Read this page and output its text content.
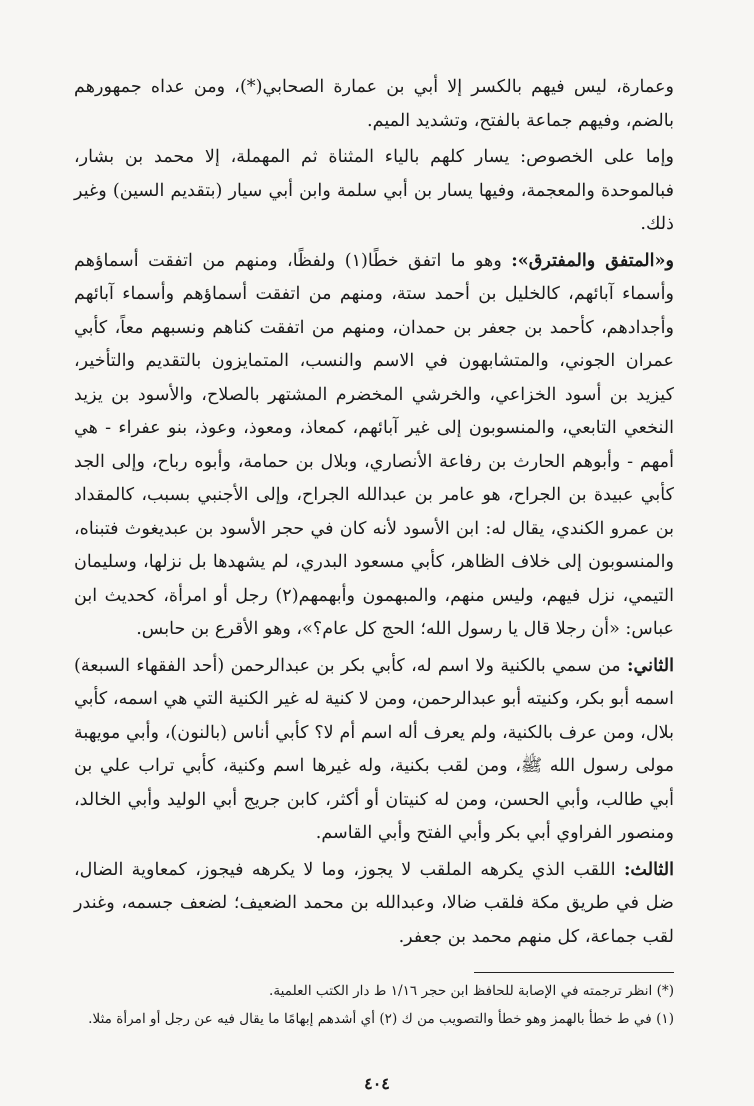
وعمارة، ليس فيهم بالكسر إلا أبي بن عمارة الصحابي(*)، ومن عداه جمهورهم بالضم، وفيهم جماعة بالفتح، وتشديد الميم.

وإما على الخصوص: يسار كلهم بالياء المثناة ثم المهملة، إلا محمد بن بشار، فبالموحدة والمعجمة، وفيها يسار بن أبي سلمة وابن أبي سيار (بتقديم السين) وغير ذلك.

و«المتفق والمفترق»: وهو ما اتفق خطًا(١) ولفظًا، ومنهم من اتفقت أسماؤهم وأسماء آبائهم، كالخليل بن أحمد ستة، ومنهم من اتفقت أسماؤهم وأسماء آبائهم وأجدادهم، كأحمد بن جعفر بن حمدان، ومنهم من اتفقت كناهم ونسبهم معاً، كأبي عمران الجوني، والمتشابهون في الاسم والنسب، المتمايزون بالتقديم والتأخير، كيزيد بن أسود الخزاعي، والخرشي المخضرم المشتهر بالصلاح، والأسود بن يزيد النخعي التابعي، والمنسوبون إلى غير آبائهم، كمعاذ، ومعوذ، وعوذ، بنو عفراء - هي أمهم - وأبوهم الحارث بن رفاعة الأنصاري، وبلال بن حمامة، وأبوه رباح، وإلى الجد كأبي عبيدة بن الجراح، هو عامر بن عبدالله الجراح، وإلى الأجنبي بسبب، كالمقداد بن عمرو الكندي، يقال له: ابن الأسود لأنه كان في حجر الأسود بن عبديغوث فتبناه، والمنسوبون إلى خلاف الظاهر، كأبي مسعود البدري، لم يشهدها بل نزلها، وسليمان التيمي، نزل فيهم، وليس منهم، والمبهمون وأبهمهم(٢) رجل أو امرأة، كحديث ابن عباس: «أن رجلا قال يا رسول الله؛ الحج كل عام؟»، وهو الأقرع بن حابس.

الثاني: من سمي بالكنية ولا اسم له، كأبي بكر بن عبدالرحمن (أحد الفقهاء السبعة) اسمه أبو بكر، وكنيته أبو عبدالرحمن، ومن لا كنية له غير الكنية التي هي اسمه، كأبي بلال، ومن عرف بالكنية، ولم يعرف أله اسم أم لا؟ كأبي أناس (بالنون)، وأبي مويهبة مولى رسول الله ﷺ، ومن لقب بكنية، وله غيرها اسم وكنية، كأبي تراب علي بن أبي طالب، وأبي الحسن، ومن له كنيتان أو أكثر، كابن جريج أبي الوليد وأبي الخالد، ومنصور الفراوي أبي بكر وأبي الفتح وأبي القاسم.

الثالث: اللقب الذي يكرهه الملقب لا يجوز، وما لا يكرهه فيجوز، كمعاوية الضال، ضل في طريق مكة فلقب ضالا، وعبدالله بن محمد الضعيف؛ لضعف جسمه، وغندر لقب جماعة، كل منهم محمد بن جعفر.

(*) انظر ترجمته في الإصابة للحافظ ابن حجر ١/١٦ ط دار الكتب العلمية.

(١) في ط خطأ بالهمز وهو خطأ والتصويب من ك (٢) أي أشدهم إبهامًا ما يقال فيه عن رجل أو امرأة مثلا.

٤٠٤
